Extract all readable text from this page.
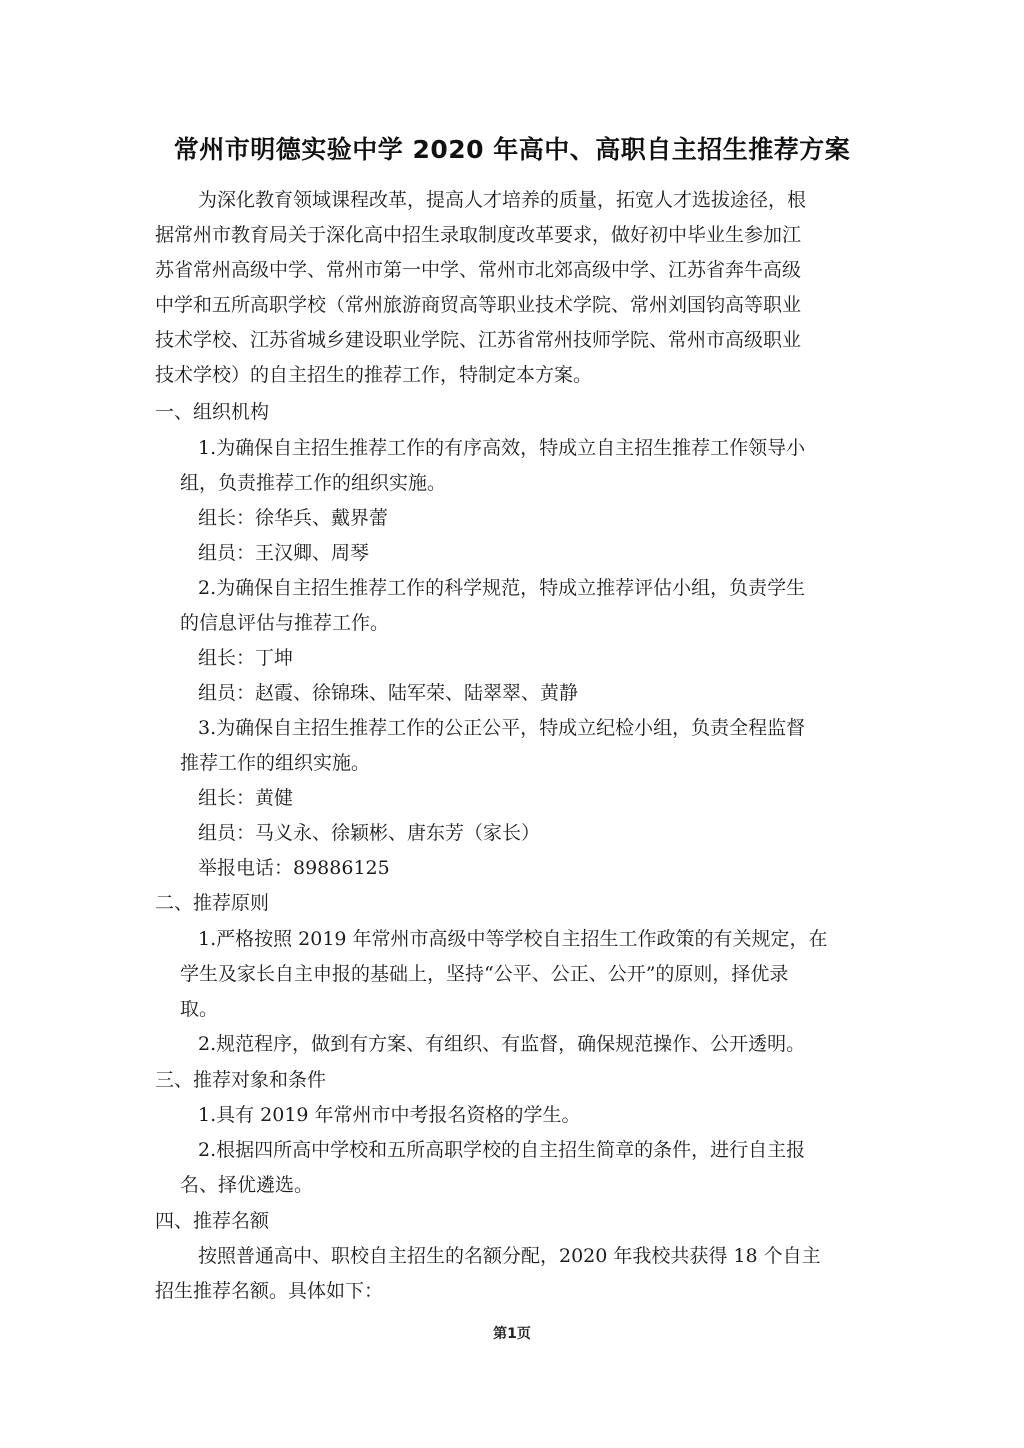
常州市明德实验中学 2020 年高中、高职自主招生推荐方案
为深化教育领域课程改革，提高人才培养的质量，拓宽人才选拔途径，根
据常州市教育局关于深化高中招生录取制度改革要求，做好初中毕业生参加江
苏省常州高级中学、常州市第一中学、常州市北郊高级中学、江苏省奔牛高级
中学和五所高职学校（常州旅游商贸高等职业技术学院、常州刘国钧高等职业
技术学校、江苏省城乡建设职业学院、江苏省常州技师学院、常州市高级职业
技术学校）的自主招生的推荐工作，特制定本方案。
一、组织机构
1.为确保自主招生推荐工作的有序高效，特成立自主招生推荐工作领导小
组，负责推荐工作的组织实施。
组长：徐华兵、戴界蕾
组员：王汉卿、周琴
2.为确保自主招生推荐工作的科学规范，特成立推荐评估小组，负责学生
的信息评估与推荐工作。
组长：丁坤
组员：赵霞、徐锦珠、陆军荣、陆翠翠、黄静
3.为确保自主招生推荐工作的公正公平，特成立纪检小组，负责全程监督
推荐工作的组织实施。
组长：黄健
组员：马义永、徐颖彬、唐东芳（家长）
举报电话：89886125
二、推荐原则
1.严格按照 2019 年常州市高级中等学校自主招生工作政策的有关规定，在
学生及家长自主申报的基础上，坚持“公平、公正、公开”的原则，择优录
取。
2.规范程序，做到有方案、有组织、有监督，确保规范操作、公开透明。
三、推荐对象和条件
1.具有 2019 年常州市中考报名资格的学生。
2.根据四所高中学校和五所高职学校的自主招生简章的条件，进行自主报
名、择优遴选。
四、推荐名额
按照普通高中、职校自主招生的名额分配，2020 年我校共获得 18 个自主
招生推荐名额。具体如下：
第1页
